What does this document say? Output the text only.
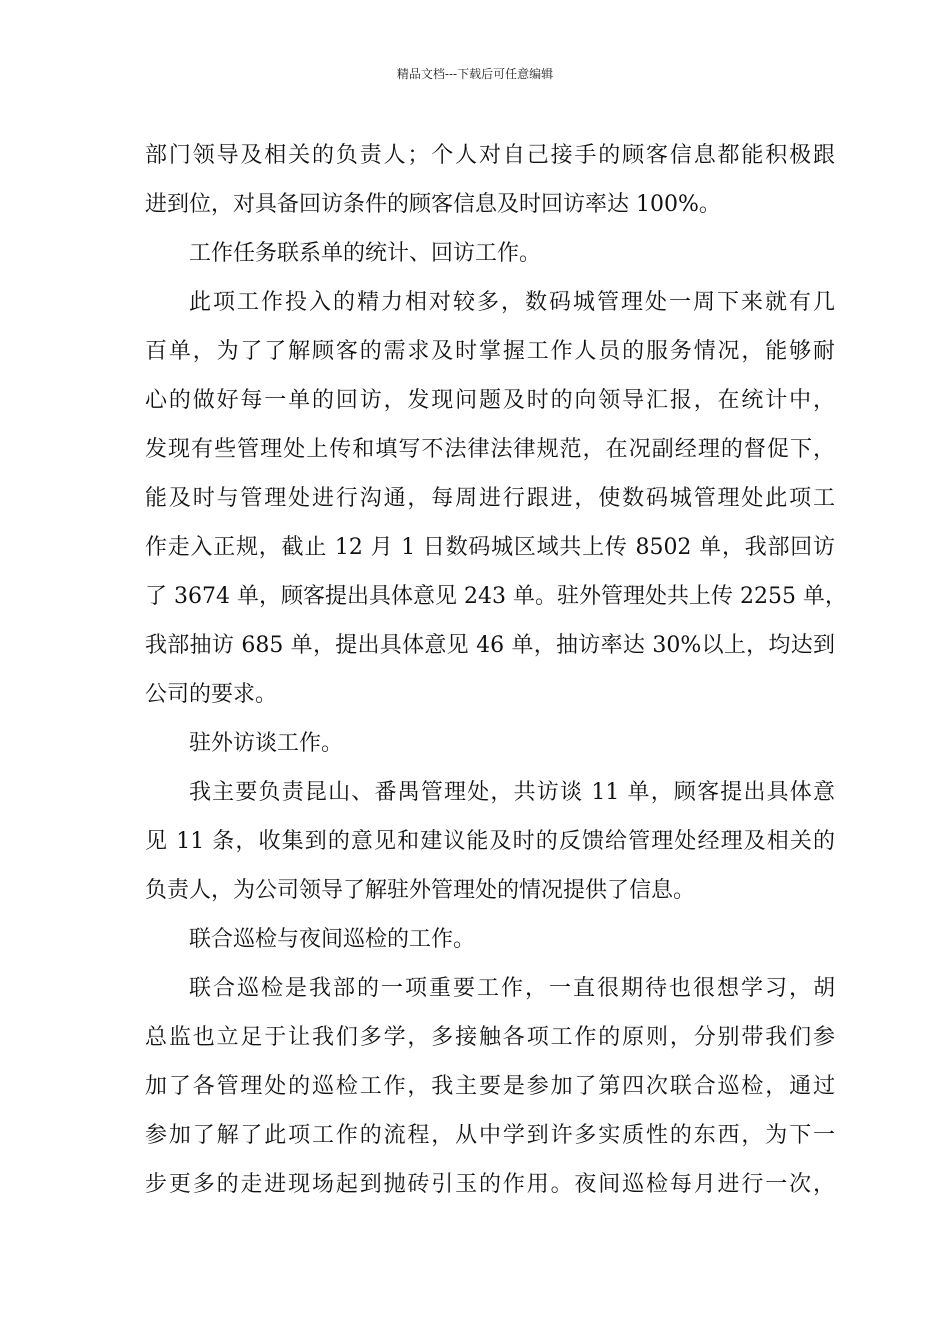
精品文档---下载后可任意编辑
部门领导及相关的负责人；个人对自己接手的顾客信息都能积极跟
进到位，对具备回访条件的顾客信息及时回访率达 100%。
工作任务联系单的统计、回访工作。
此项工作投入的精力相对较多，数码城管理处一周下来就有几
百单，为了了解顾客的需求及时掌握工作人员的服务情况，能够耐
心的做好每一单的回访，发现问题及时的向领导汇报，在统计中，
发现有些管理处上传和填写不法律法律规范，在况副经理的督促下，
能及时与管理处进行沟通，每周进行跟进，使数码城管理处此项工
作走入正规，截止 12 月 1 日数码城区域共上传 8502 单，我部回访
了 3674 单，顾客提出具体意见 243 单。驻外管理处共上传 2255 单，
我部抽访 685 单，提出具体意见 46 单，抽访率达 30%以上，均达到
公司的要求。
驻外访谈工作。
我主要负责昆山、番禺管理处，共访谈 11 单，顾客提出具体意
见 11 条，收集到的意见和建议能及时的反馈给管理处经理及相关的
负责人，为公司领导了解驻外管理处的情况提供了信息。
联合巡检与夜间巡检的工作。
联合巡检是我部的一项重要工作，一直很期待也很想学习，胡
总监也立足于让我们多学，多接触各项工作的原则，分别带我们参
加了各管理处的巡检工作，我主要是参加了第四次联合巡检，通过
参加了解了此项工作的流程，从中学到许多实质性的东西，为下一
步更多的走进现场起到抛砖引玉的作用。夜间巡检每月进行一次，
